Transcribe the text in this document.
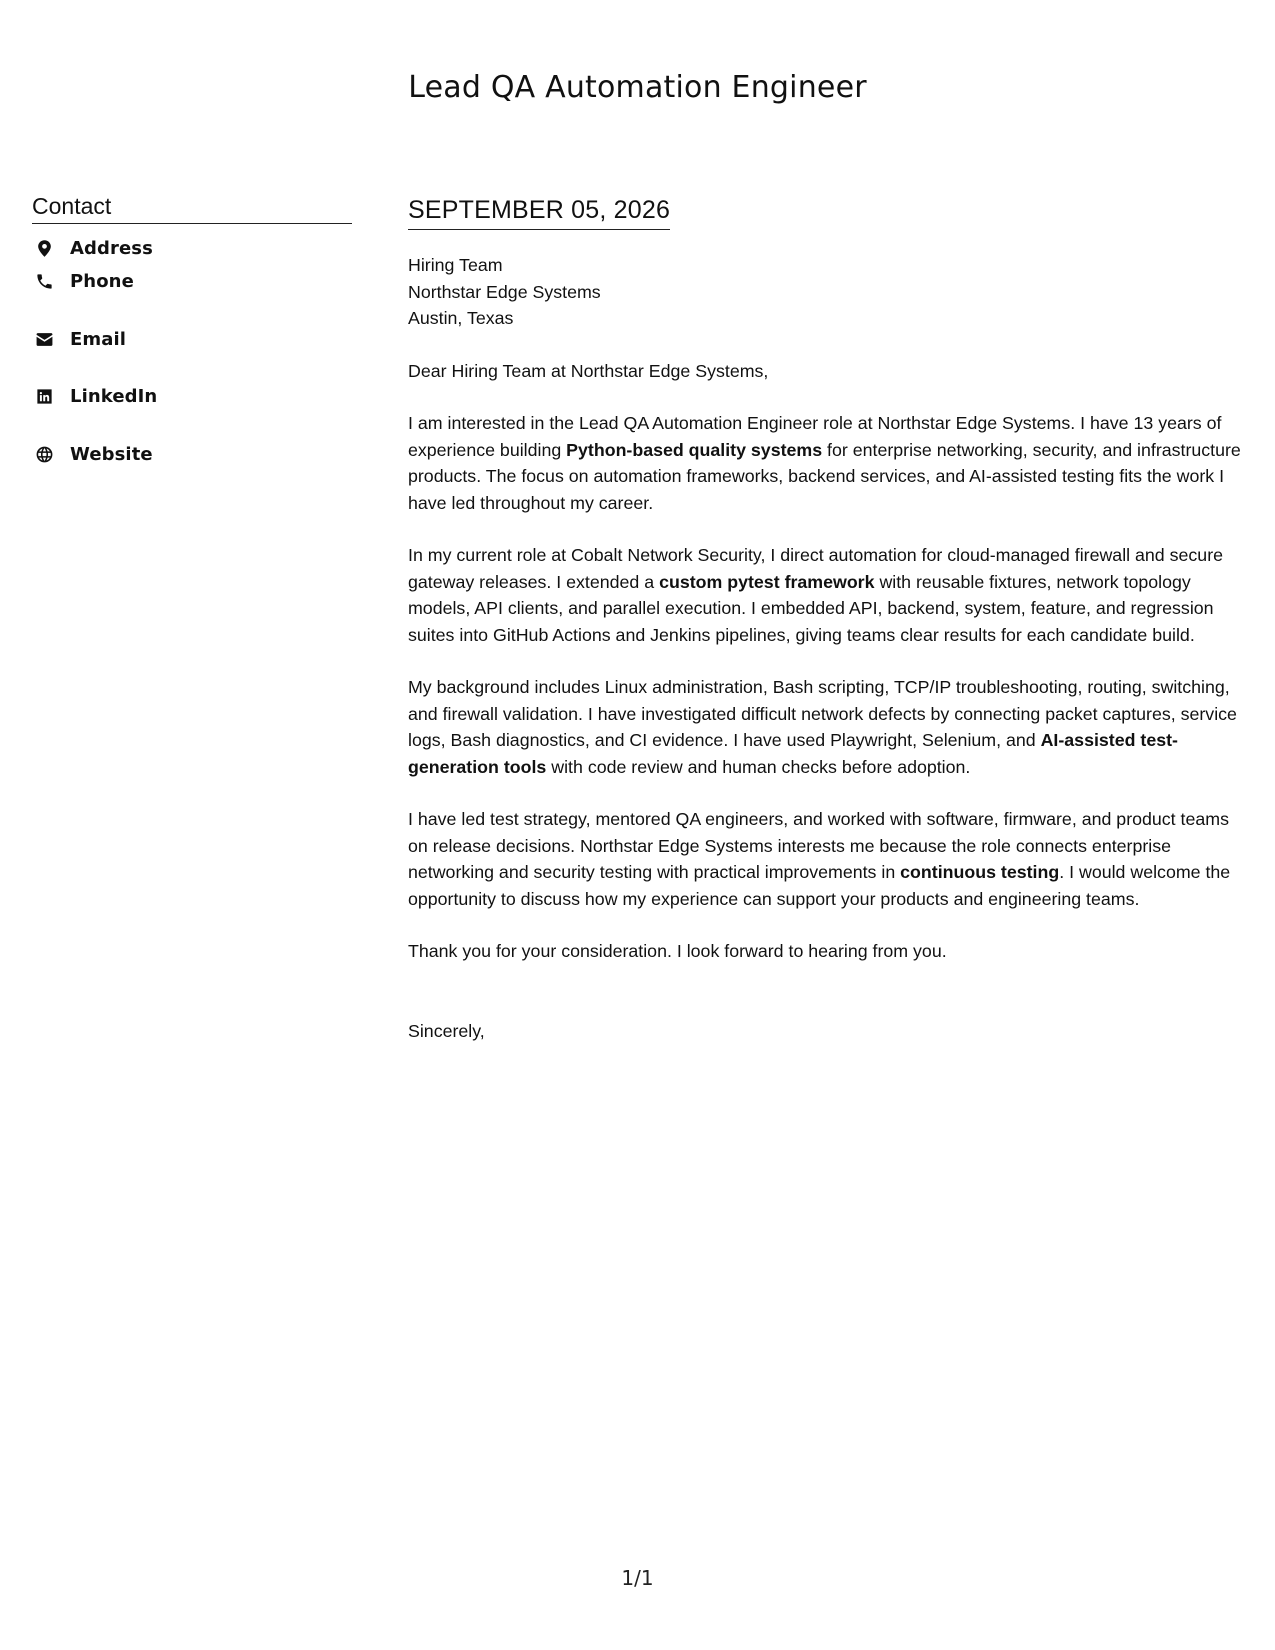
Lead QA Automation Engineer
Contact
Address
Phone
Email
LinkedIn
Website
SEPTEMBER 05, 2026
Hiring Team
Northstar Edge Systems
Austin, Texas
Dear Hiring Team at Northstar Edge Systems,

I am interested in the Lead QA Automation Engineer role at Northstar Edge Systems. I have 13 years of experience building Python-based quality systems for enterprise networking, security, and infrastructure products. The focus on automation frameworks, backend services, and AI-assisted testing fits the work I have led throughout my career.

In my current role at Cobalt Network Security, I direct automation for cloud-managed firewall and secure gateway releases. I extended a custom pytest framework with reusable fixtures, network topology models, API clients, and parallel execution. I embedded API, backend, system, feature, and regression suites into GitHub Actions and Jenkins pipelines, giving teams clear results for each candidate build.

My background includes Linux administration, Bash scripting, TCP/IP troubleshooting, routing, switching, and firewall validation. I have investigated difficult network defects by connecting packet captures, service logs, Bash diagnostics, and CI evidence. I have used Playwright, Selenium, and AI-assisted test-generation tools with code review and human checks before adoption.

I have led test strategy, mentored QA engineers, and worked with software, firmware, and product teams on release decisions. Northstar Edge Systems interests me because the role connects enterprise networking and security testing with practical improvements in continuous testing. I would welcome the opportunity to discuss how my experience can support your products and engineering teams.

Thank you for your consideration. I look forward to hearing from you.

Sincerely,

1/1
